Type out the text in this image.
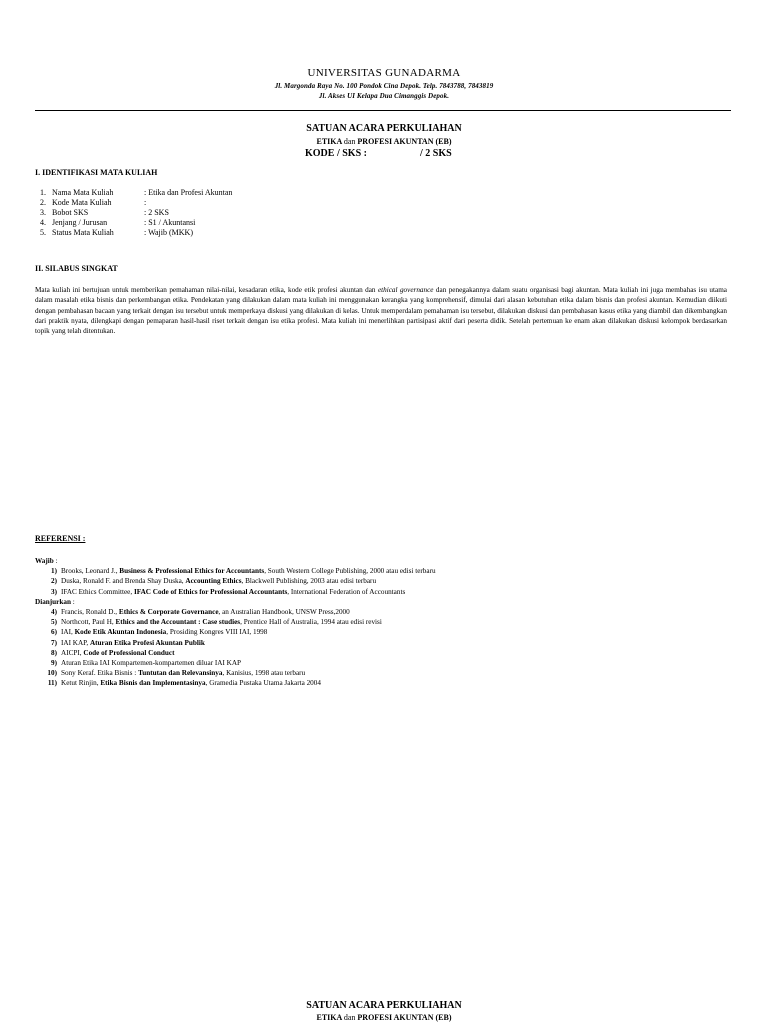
UNIVERSITAS GUNADARMA
Jl. Margonda Raya No. 100 Pondok Cina Depok. Telp. 7843788, 7843819
Jl. Akses UI Kelapa Dua Cimanggis Depok.
SATUAN ACARA PERKULIAHAN
ETIKA dan PROFESI AKUNTAN (EB)
KODE / SKS :	/ 2 SKS
I. IDENTIFIKASI MATA KULIAH
1. Nama Mata Kuliah	: Etika dan Profesi Akuntan
2. Kode Mata Kuliah	:
3. Bobot SKS	: 2 SKS
4. Jenjang / Jurusan	: S1 / Akuntansi
5. Status Mata Kuliah	: Wajib (MKK)
II. SILABUS SINGKAT
Mata kuliah ini bertujuan untuk memberikan pemahaman nilai-nilai, kesadaran etika, kode etik profesi akuntan dan ethical governance dan penegakannya dalam suatu organisasi bagi akuntan. Mata kuliah ini juga membahas isu utama dalam masalah etika bisnis dan perkembangan etika. Pendekatan yang dilakukan dalam mata kuliah ini menggunakan kerangka yang komprehensif, dimulai dari alasan kebutuhan etika dalam bisnis dan profesi akuntan. Kemudian diikuti dengan pembahasan bacaan yang terkait dengan isu tersebut untuk memperkaya diskusi yang dilakukan di kelas. Untuk memperdalam pemahaman isu tersebut, dilakukan diskusi dan pembahasan kasus etika yang diambil dan dikembangkan dari praktik nyata, dilengkapi dengan pemaparan hasil-hasil riset terkait dengan isu etika profesi. Mata kuliah ini menerlihkan partisipasi aktif dari peserta didik. Setelah pertemuan ke enam akan dilakukan diskusi kelompok berdasarkan topik yang telah ditentukan.
REFERENSI :
Wajib :
1) Brooks, Leonard J., Business & Professional Ethics for Accountants, South Western College Publishing, 2000 atau edisi terbaru
2) Duska, Ronald F. and Brenda Shay Duska, Accounting Ethics, Blackwell Publishing, 2003 atau edisi terbaru
3) IFAC Ethics Committee, IFAC Code of Ethics for Professional Accountants, International Federation of Accountants
Dianjurkan :
4) Francis, Ronald D., Ethics & Corporate Governance, an Australian Handbook, UNSW Press,2000
5) Northcott, Paul H, Ethics and the Accountant : Case studies, Prentice Hall of Australia, 1994 atau edisi revisi
6) IAI, Kode Etik Akuntan Indonesia, Prosiding Kongres VIII IAI, 1998
7) IAI KAP, Aturan Etika Profesi Akuntan Publik
8) AICPI, Code of Professional Conduct
9) Aturan Etika IAI Kompartemen-kompartemen diluar IAI KAP
10) Sony Keraf. Etika Bisnis : Tuntutan dan Relevansinya, Kanisius, 1998 atau terbaru
11) Ketut Rinjin, Etika Bisnis dan Implementasinya, Gramedia Pustaka Utama Jakarta 2004
SATUAN ACARA PERKULIAHAN
ETIKA dan PROFESI AKUNTAN (EB)
